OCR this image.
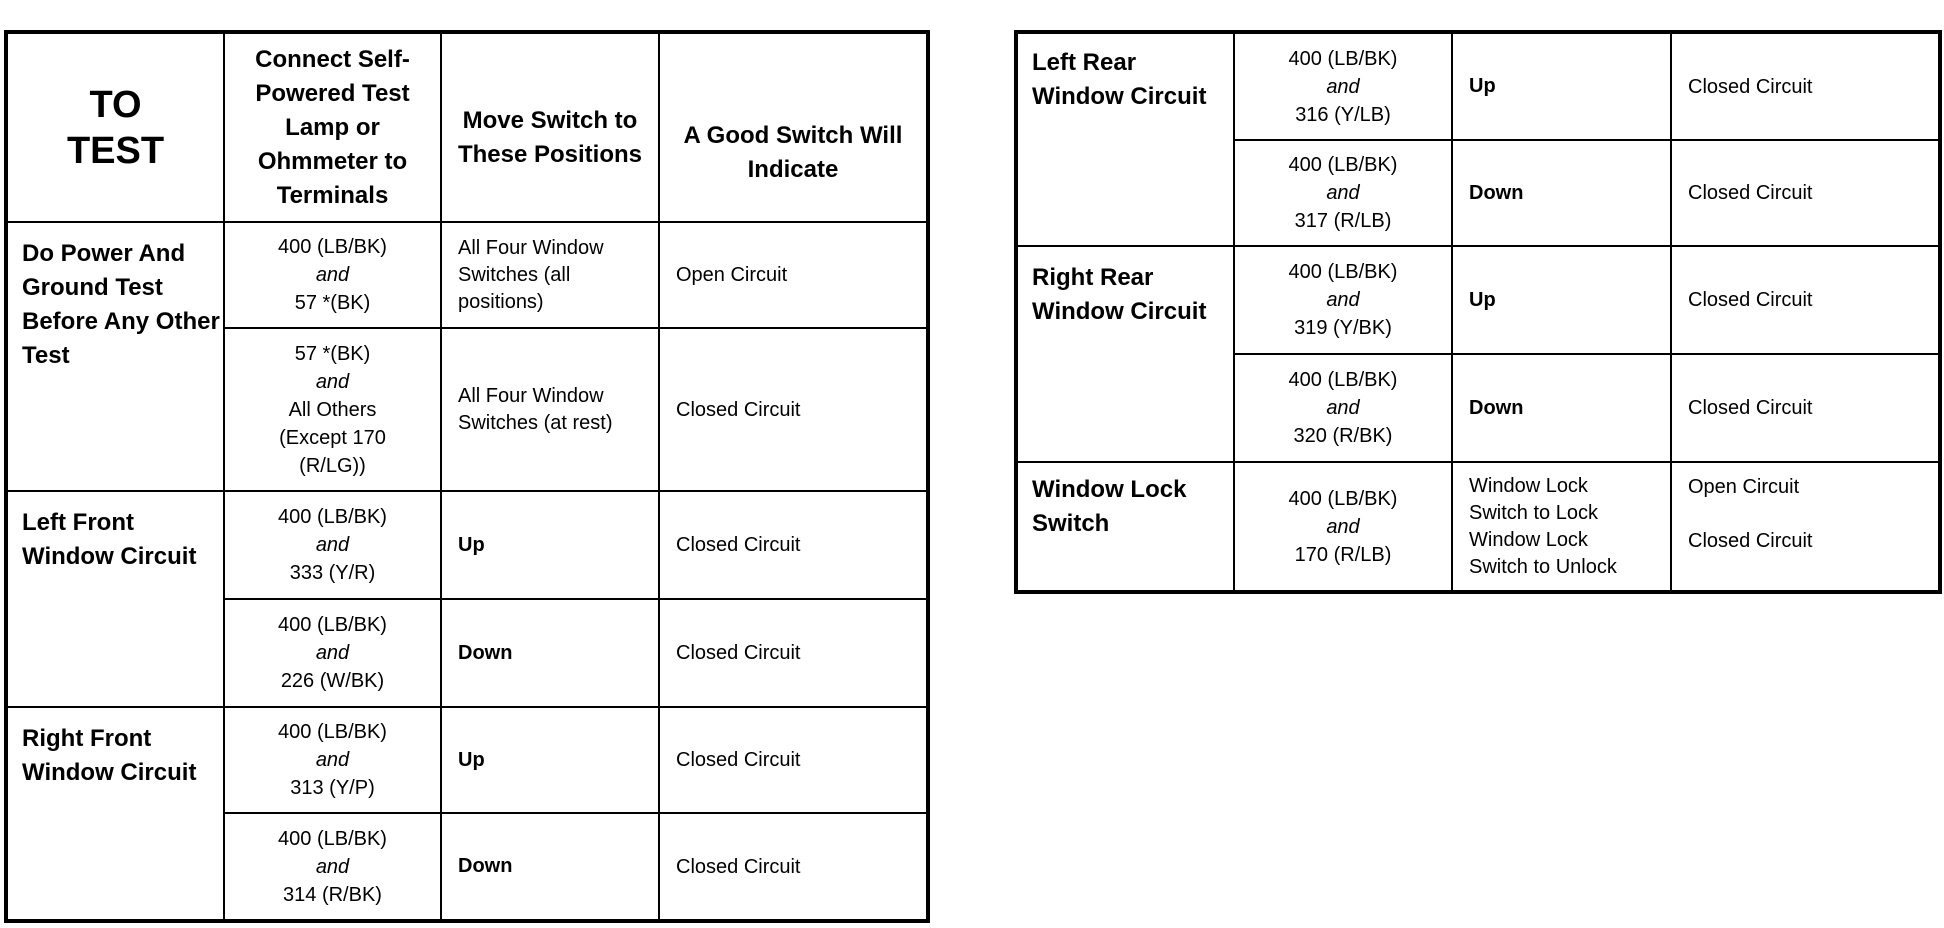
TO
TEST	Connect Self-Powered Test Lamp or Ohmmeter to Terminals	Move Switch to These Positions	A Good Switch Will Indicate
Do Power And Ground Test Before Any Other Test	400 (LB/BK)
and
57 *(BK)	All Four Window Switches (all positions)	Open Circuit

	57 *(BK)
and
All Others
(Except 170
(R/LG))	All Four Window Switches (at rest)	Closed Circuit
Left Front Window Circuit	400 (LB/BK)
and
333 (Y/R)	Up	Closed Circuit

	400 (LB/BK)
and
226 (W/BK)	Down	Closed Circuit
Right Front Window Circuit	400 (LB/BK)
and
313 (Y/P)	Up	Closed Circuit

	400 (LB/BK)
and
314 (R/BK)	Down	Closed Circuit
Left Rear Window Circuit	400 (LB/BK)
and
316 (Y/LB)	Up	Closed Circuit

	400 (LB/BK)
and
317 (R/LB)	Down	Closed Circuit
Right Rear Window Circuit	400 (LB/BK)
and
319 (Y/BK)	Up	Closed Circuit

	400 (LB/BK)
and
320 (R/BK)	Down	Closed Circuit
Window Lock Switch	400 (LB/BK)
and
170 (R/LB)	Window Lock
Switch to Lock
Window Lock
Switch to Unlock	Open Circuit
Closed Circuit
